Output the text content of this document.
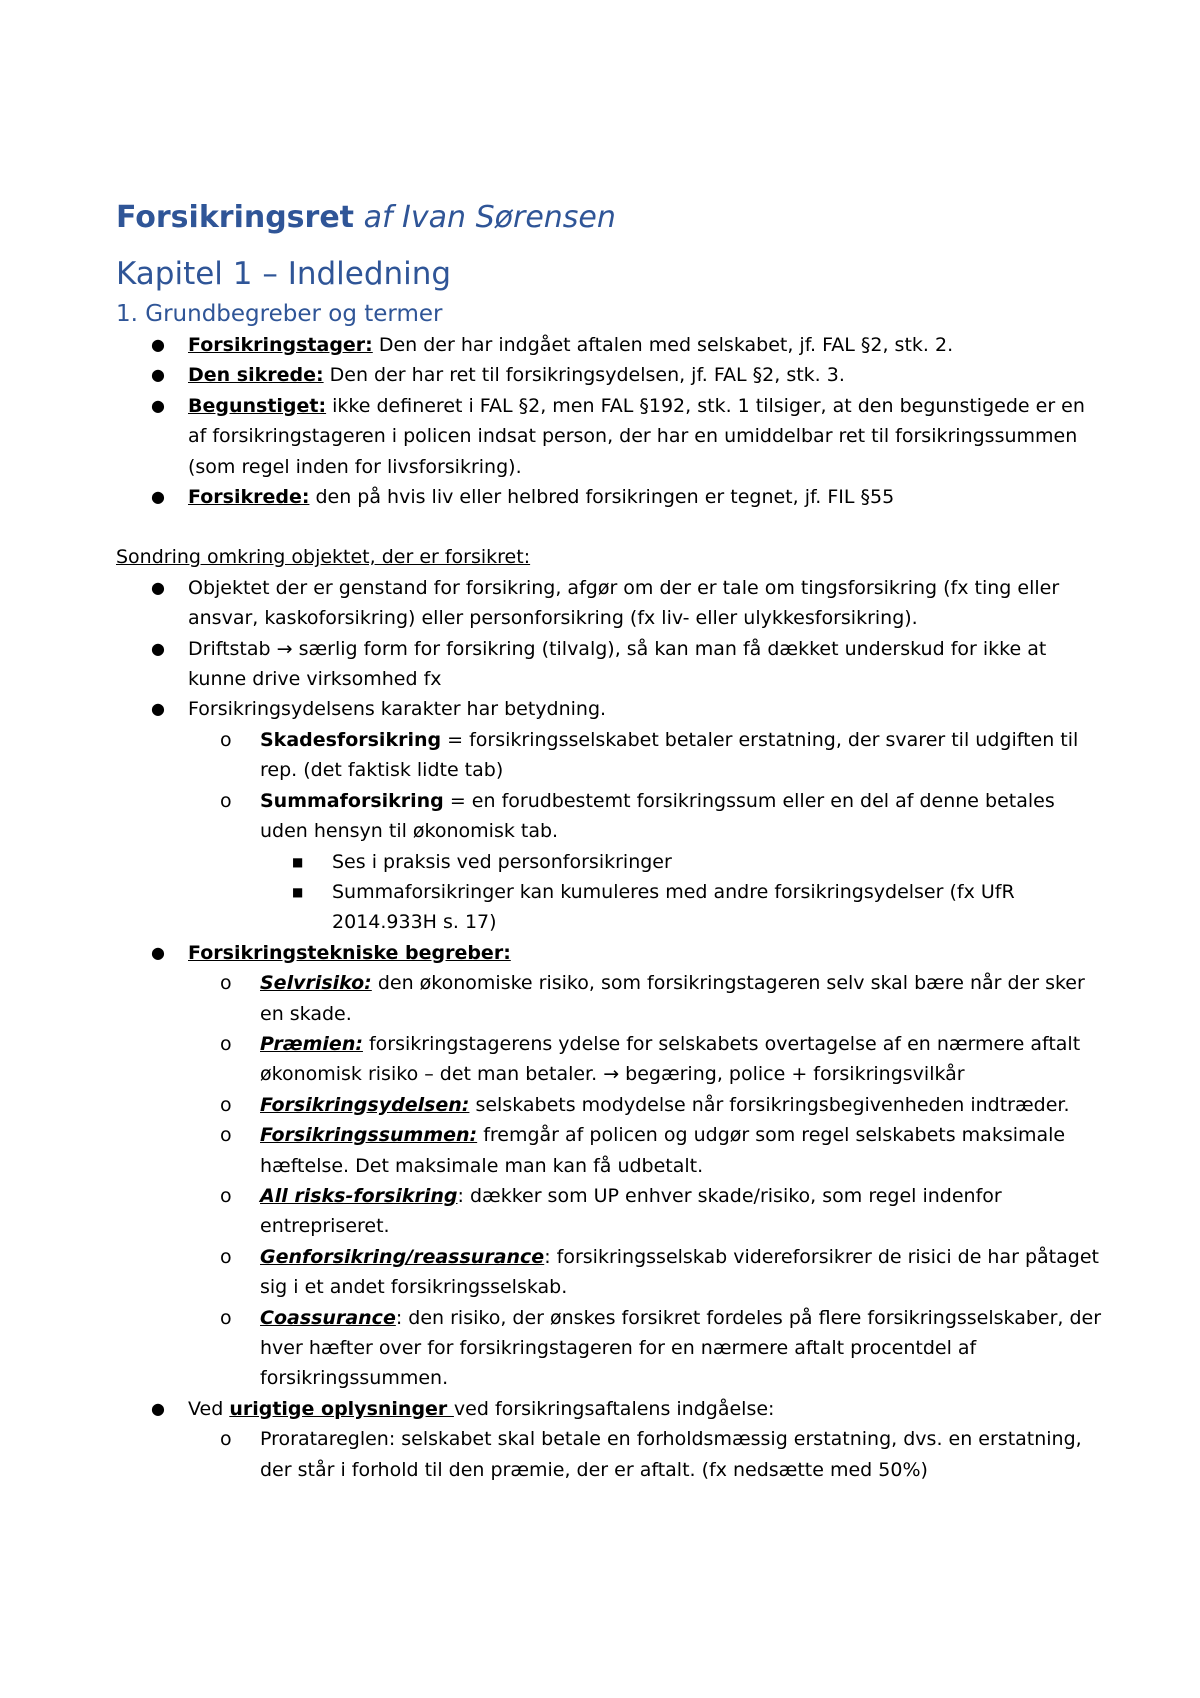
Forsikringsret af Ivan Sørensen
Kapitel 1 – Indledning
1. Grundbegreber og termer
● Forsikringstager: Den der har indgået aftalen med selskabet, jf. FAL §2, stk. 2.
● Den sikrede: Den der har ret til forsikringsydelsen, jf. FAL §2, stk. 3.
● Begunstiget: ikke defineret i FAL §2, men FAL §192, stk. 1 tilsiger, at den begunstigede er en af forsikringstageren i policen indsat person, der har en umiddelbar ret til forsikringssummen (som regel inden for livsforsikring).
● Forsikrede: den på hvis liv eller helbred forsikringen er tegnet, jf. FIL §55
Sondring omkring objektet, der er forsikret:
● Objektet der er genstand for forsikring, afgør om der er tale om tingsforsikring (fx ting eller ansvar, kaskoforsikring) eller personforsikring (fx liv- eller ulykkesforsikring).
● Driftstab → særlig form for forsikring (tilvalg), så kan man få dækket underskud for ikke at kunne drive virksomhed fx
● Forsikringsydelsens karakter har betydning.
o Skadesforsikring = forsikringsselskabet betaler erstatning, der svarer til udgiften til rep. (det faktisk lidte tab)
o Summaforsikring = en forudbestemt forsikringssum eller en del af denne betales uden hensyn til økonomisk tab.
■ Ses i praksis ved personforsikringer
■ Summaforsikringer kan kumuleres med andre forsikringsydelser (fx UfR 2014.933H s. 17)
● Forsikringstekniske begreber:
o Selvrisiko: den økonomiske risiko, som forsikringstageren selv skal bære når der sker en skade.
o Præmien: forsikringstagerens ydelse for selskabets overtagelse af en nærmere aftalt økonomisk risiko – det man betaler. → begæring, police + forsikringsvilkår
o Forsikringsydelsen: selskabets modydelse når forsikringsbegivenheden indtræder.
o Forsikringssummen: fremgår af policen og udgør som regel selskabets maksimale hæftelse. Det maksimale man kan få udbetalt.
o All risks-forsikring: dækker som UP enhver skade/risiko, som regel indenfor entrepriseret.
o Genforsikring/reassurance: forsikringsselskab videreforsikrer de risici de har påtaget sig i et andet forsikringsselskab.
o Coassurance: den risiko, der ønskes forsikret fordeles på flere forsikringsselskaber, der hver hæfter over for forsikringstageren for en nærmere aftalt procentdel af forsikringssummen.
● Ved urigtige oplysninger ved forsikringsaftalens indgåelse:
o Proratareglen: selskabet skal betale en forholdsmæssig erstatning, dvs. en erstatning, der står i forhold til den præmie, der er aftalt. (fx nedsætte med 50%)
